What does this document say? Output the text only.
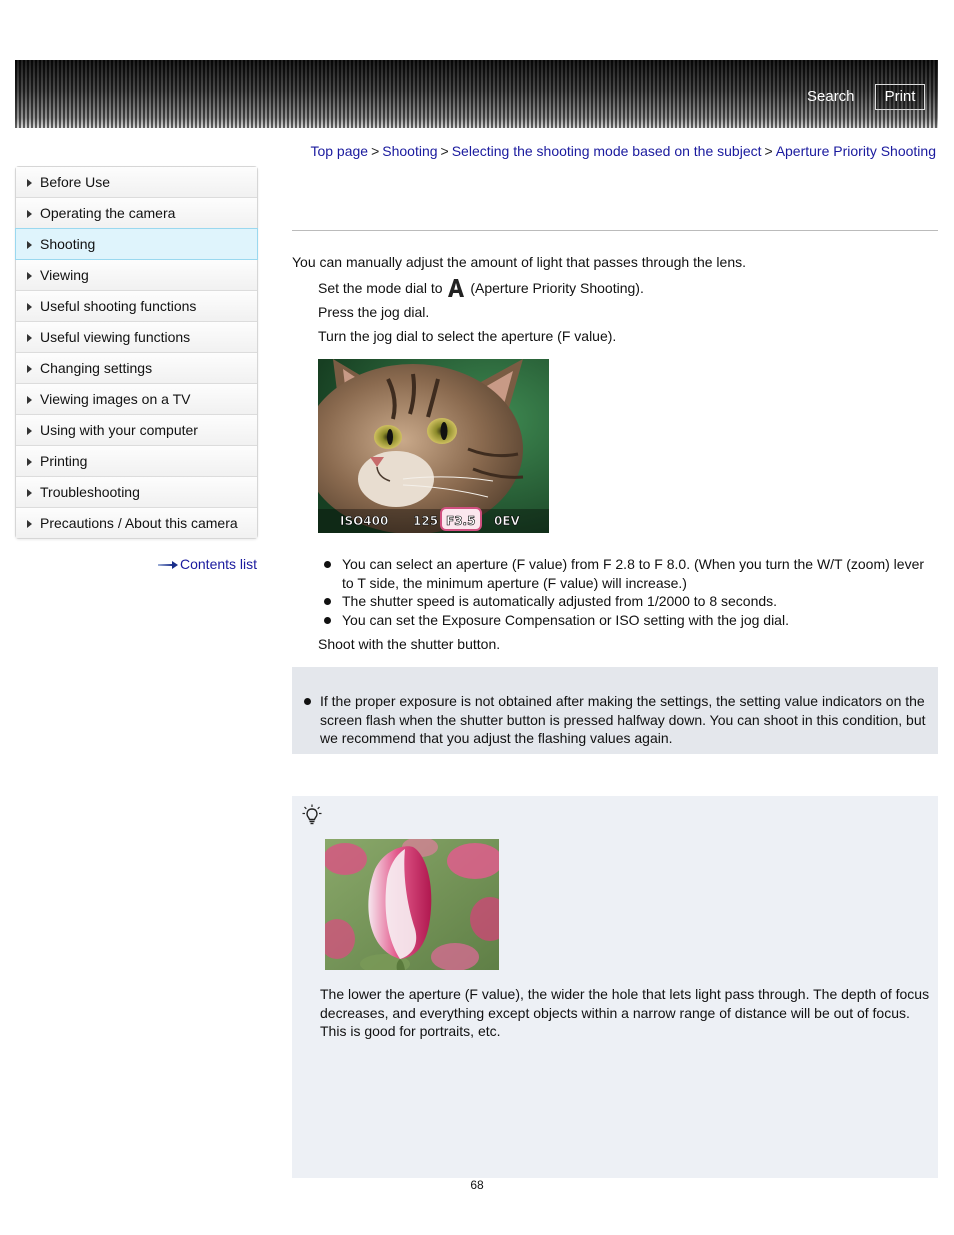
Search	Print
Top page > Shooting > Selecting the shooting mode based on the subject > Aperture Priority Shooting
Before Use
Operating the camera
Shooting
Viewing
Useful shooting functions
Useful viewing functions
Changing settings
Viewing images on a TV
Using with your computer
Printing
Troubleshooting
Precautions / About this camera
Contents list
You can manually adjust the amount of light that passes through the lens.
Set the mode dial to (Aperture Priority Shooting).
Press the jog dial.
Turn the jog dial to select the aperture (F value).
ISO400 125 F3.5 0EV
You can select an aperture (F value) from F 2.8 to F 8.0. (When you turn the W/T (zoom) lever to T side, the minimum aperture (F value) will increase.)
The shutter speed is automatically adjusted from 1/2000 to 8 seconds.
You can set the Exposure Compensation or ISO setting with the jog dial.
Shoot with the shutter button.
If the proper exposure is not obtained after making the settings, the setting value indicators on the screen flash when the shutter button is pressed halfway down. You can shoot in this condition, but we recommend that you adjust the flashing values again.
The lower the aperture (F value), the wider the hole that lets light pass through. The depth of focus decreases, and everything except objects within a narrow range of distance will be out of focus. This is good for portraits, etc.
68
